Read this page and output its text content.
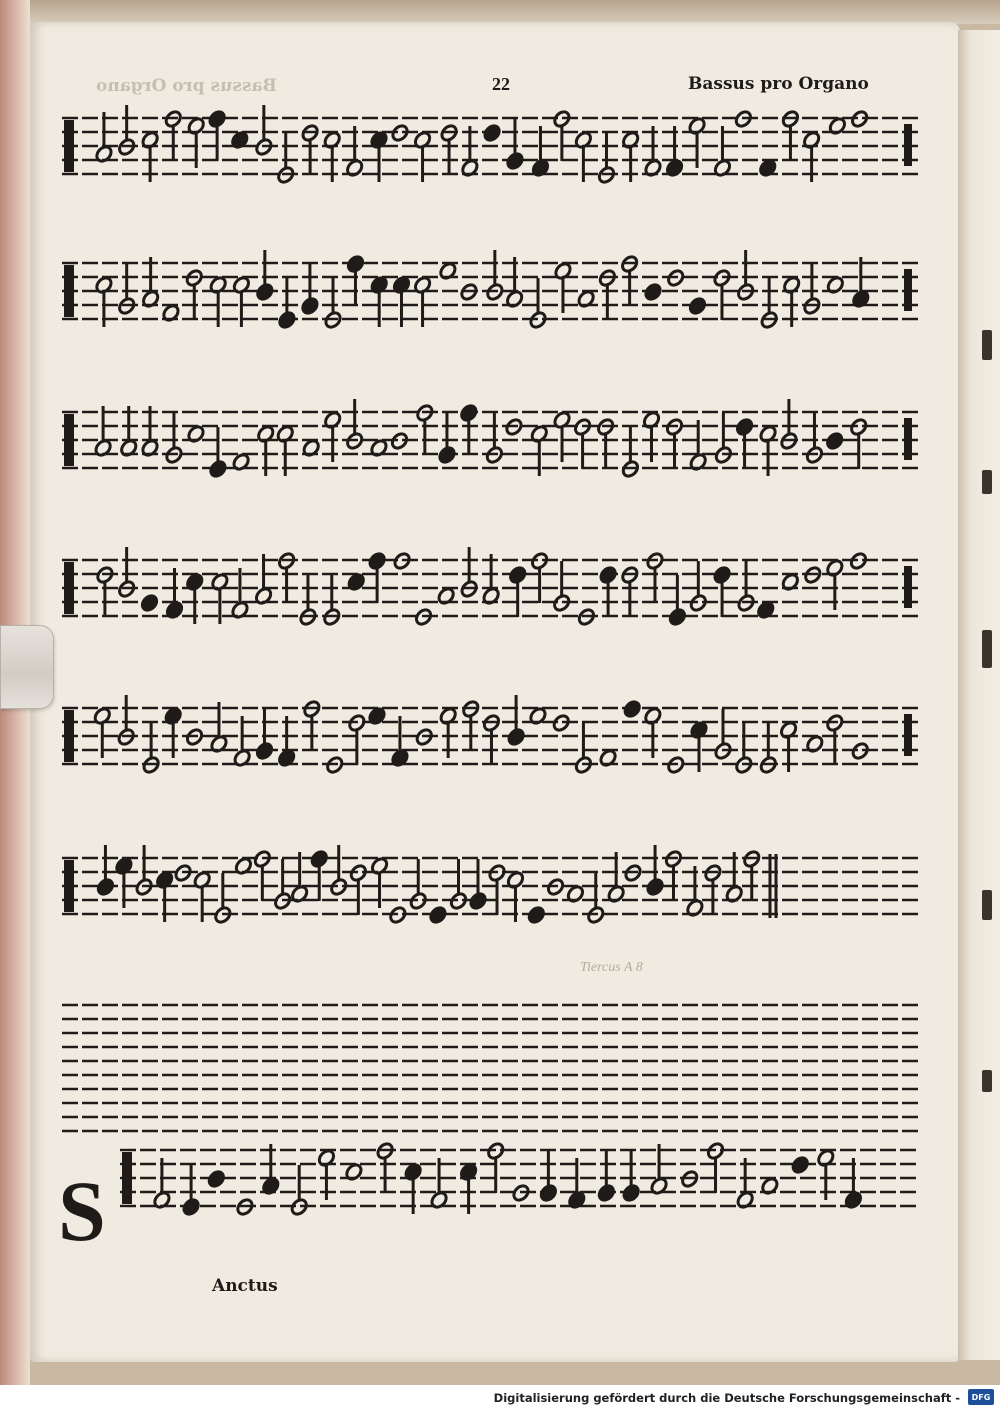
Bassus pro Organo	22	Bassus pro Organo
Tiercus A 8
S
Anctus
Digitalisierung gefördert durch die Deutsche Forschungsgemeinschaft -	DFG
